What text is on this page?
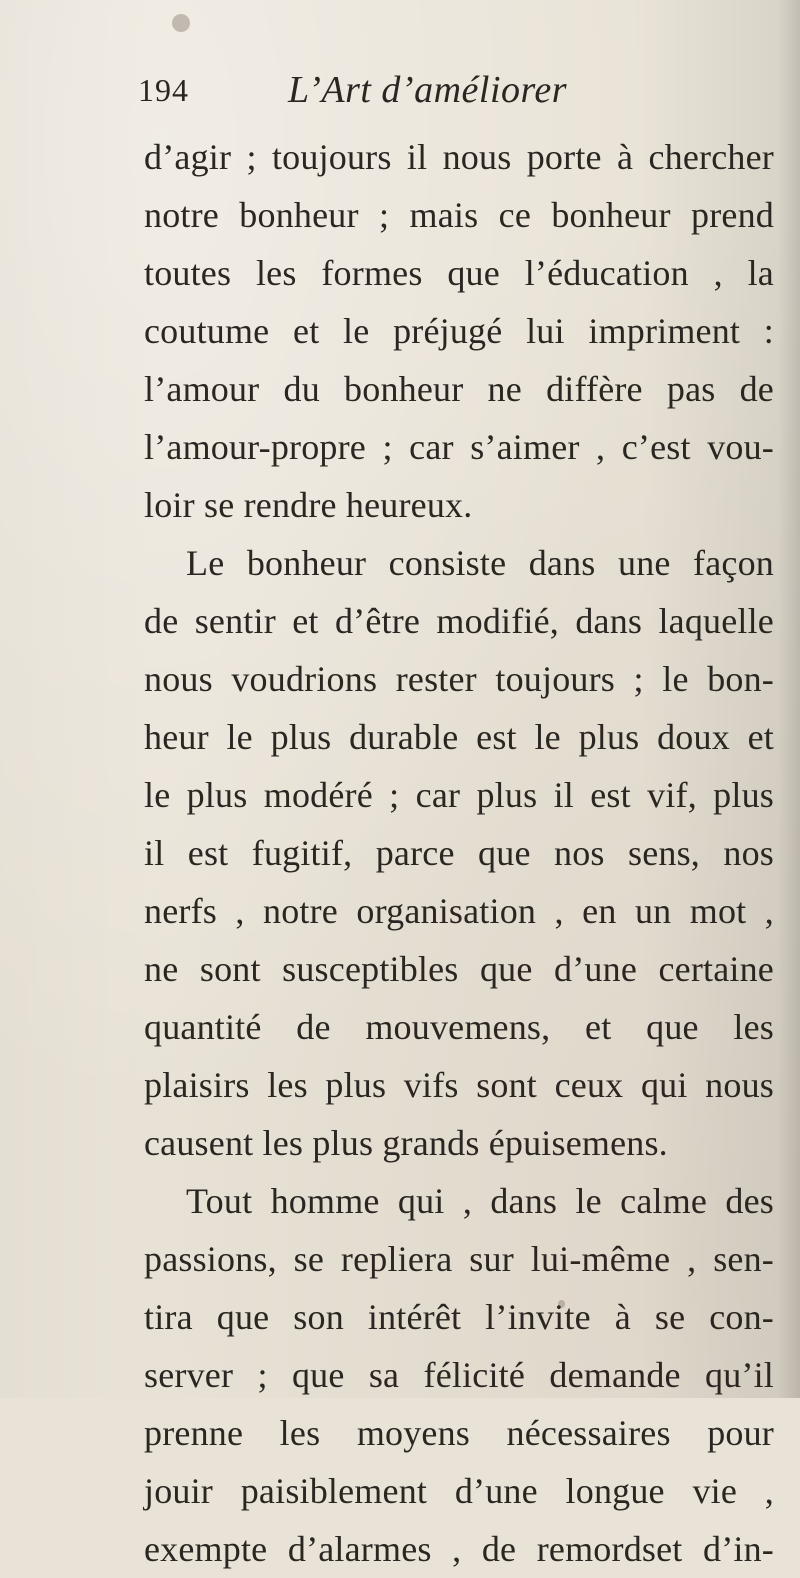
194	L’Art d’améliorer
d’agir ; toujours il nous porte à chercher
notre bonheur ; mais ce bonheur prend
toutes les formes que l’éducation , la
coutume et le préjugé lui impriment :
l’amour du bonheur ne diffère pas de
l’amour-propre ; car s’aimer , c’est vou-
loir se rendre heureux.
Le bonheur consiste dans une façon
de sentir et d’être modifié, dans laquelle
nous voudrions rester toujours ; le bon-
heur le plus durable est le plus doux et
le plus modéré ; car plus il est vif, plus
il est fugitif, parce que nos sens, nos
nerfs , notre organisation , en un mot ,
ne sont susceptibles que d’une certaine
quantité de mouvemens, et que les
plaisirs les plus vifs sont ceux qui nous
causent les plus grands épuisemens.
Tout homme qui , dans le calme des
passions, se repliera sur lui-même , sen-
tira que son intérêt l’invite à se con-
server ; que sa félicité demande qu’il
prenne les moyens nécessaires pour
jouir paisiblement d’une longue vie ,
exempte d’alarmes , de remordset d’in-
